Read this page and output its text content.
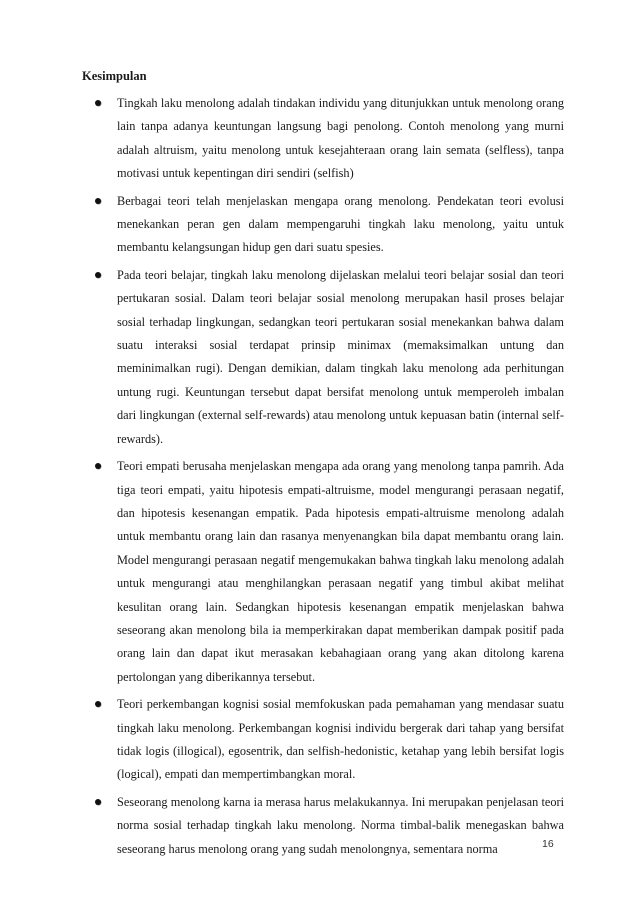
Kesimpulan
Tingkah laku menolong adalah tindakan individu yang ditunjukkan untuk menolong orang lain tanpa adanya keuntungan langsung bagi penolong. Contoh menolong yang murni adalah altruism, yaitu menolong untuk kesejahteraan orang lain semata (selfless), tanpa motivasi untuk kepentingan diri sendiri (selfish)
Berbagai teori telah menjelaskan mengapa orang menolong. Pendekatan teori evolusi menekankan peran gen dalam mempengaruhi tingkah laku menolong, yaitu untuk membantu kelangsungan hidup gen dari suatu spesies.
Pada teori belajar, tingkah laku menolong dijelaskan melalui teori belajar sosial dan teori pertukaran sosial. Dalam teori belajar sosial menolong merupakan hasil proses belajar sosial terhadap lingkungan, sedangkan teori pertukaran sosial menekankan bahwa dalam suatu interaksi sosial terdapat prinsip minimax (memaksimalkan untung dan meminimalkan rugi). Dengan demikian, dalam tingkah laku menolong ada perhitungan untung rugi. Keuntungan tersebut dapat bersifat menolong untuk memperoleh imbalan dari lingkungan (external self-rewards) atau menolong untuk kepuasan batin (internal self-rewards).
Teori empati berusaha menjelaskan mengapa ada orang yang menolong tanpa pamrih. Ada tiga teori empati, yaitu hipotesis empati-altruisme, model mengurangi perasaan negatif, dan hipotesis kesenangan empatik. Pada hipotesis empati-altruisme menolong adalah untuk membantu orang lain dan rasanya menyenangkan bila dapat membantu orang lain. Model mengurangi perasaan negatif mengemukakan bahwa tingkah laku menolong adalah untuk mengurangi atau menghilangkan perasaan negatif yang timbul akibat melihat kesulitan orang lain. Sedangkan hipotesis kesenangan empatik menjelaskan bahwa seseorang akan menolong bila ia memperkirakan dapat memberikan dampak positif pada orang lain dan dapat ikut merasakan kebahagiaan orang yang akan ditolong karena pertolongan yang diberikannya tersebut.
Teori perkembangan kognisi sosial memfokuskan pada pemahaman yang mendasar suatu tingkah laku menolong. Perkembangan kognisi individu bergerak dari tahap yang bersifat tidak logis (illogical), egosentrik, dan selfish-hedonistic, ketahap yang lebih bersifat logis (logical), empati dan mempertimbangkan moral.
Seseorang menolong karna ia merasa harus melakukannya. Ini merupakan penjelasan teori norma sosial terhadap tingkah laku menolong. Norma timbal-balik menegaskan bahwa seseorang harus menolong orang yang sudah menolongnya, sementara norma	16
